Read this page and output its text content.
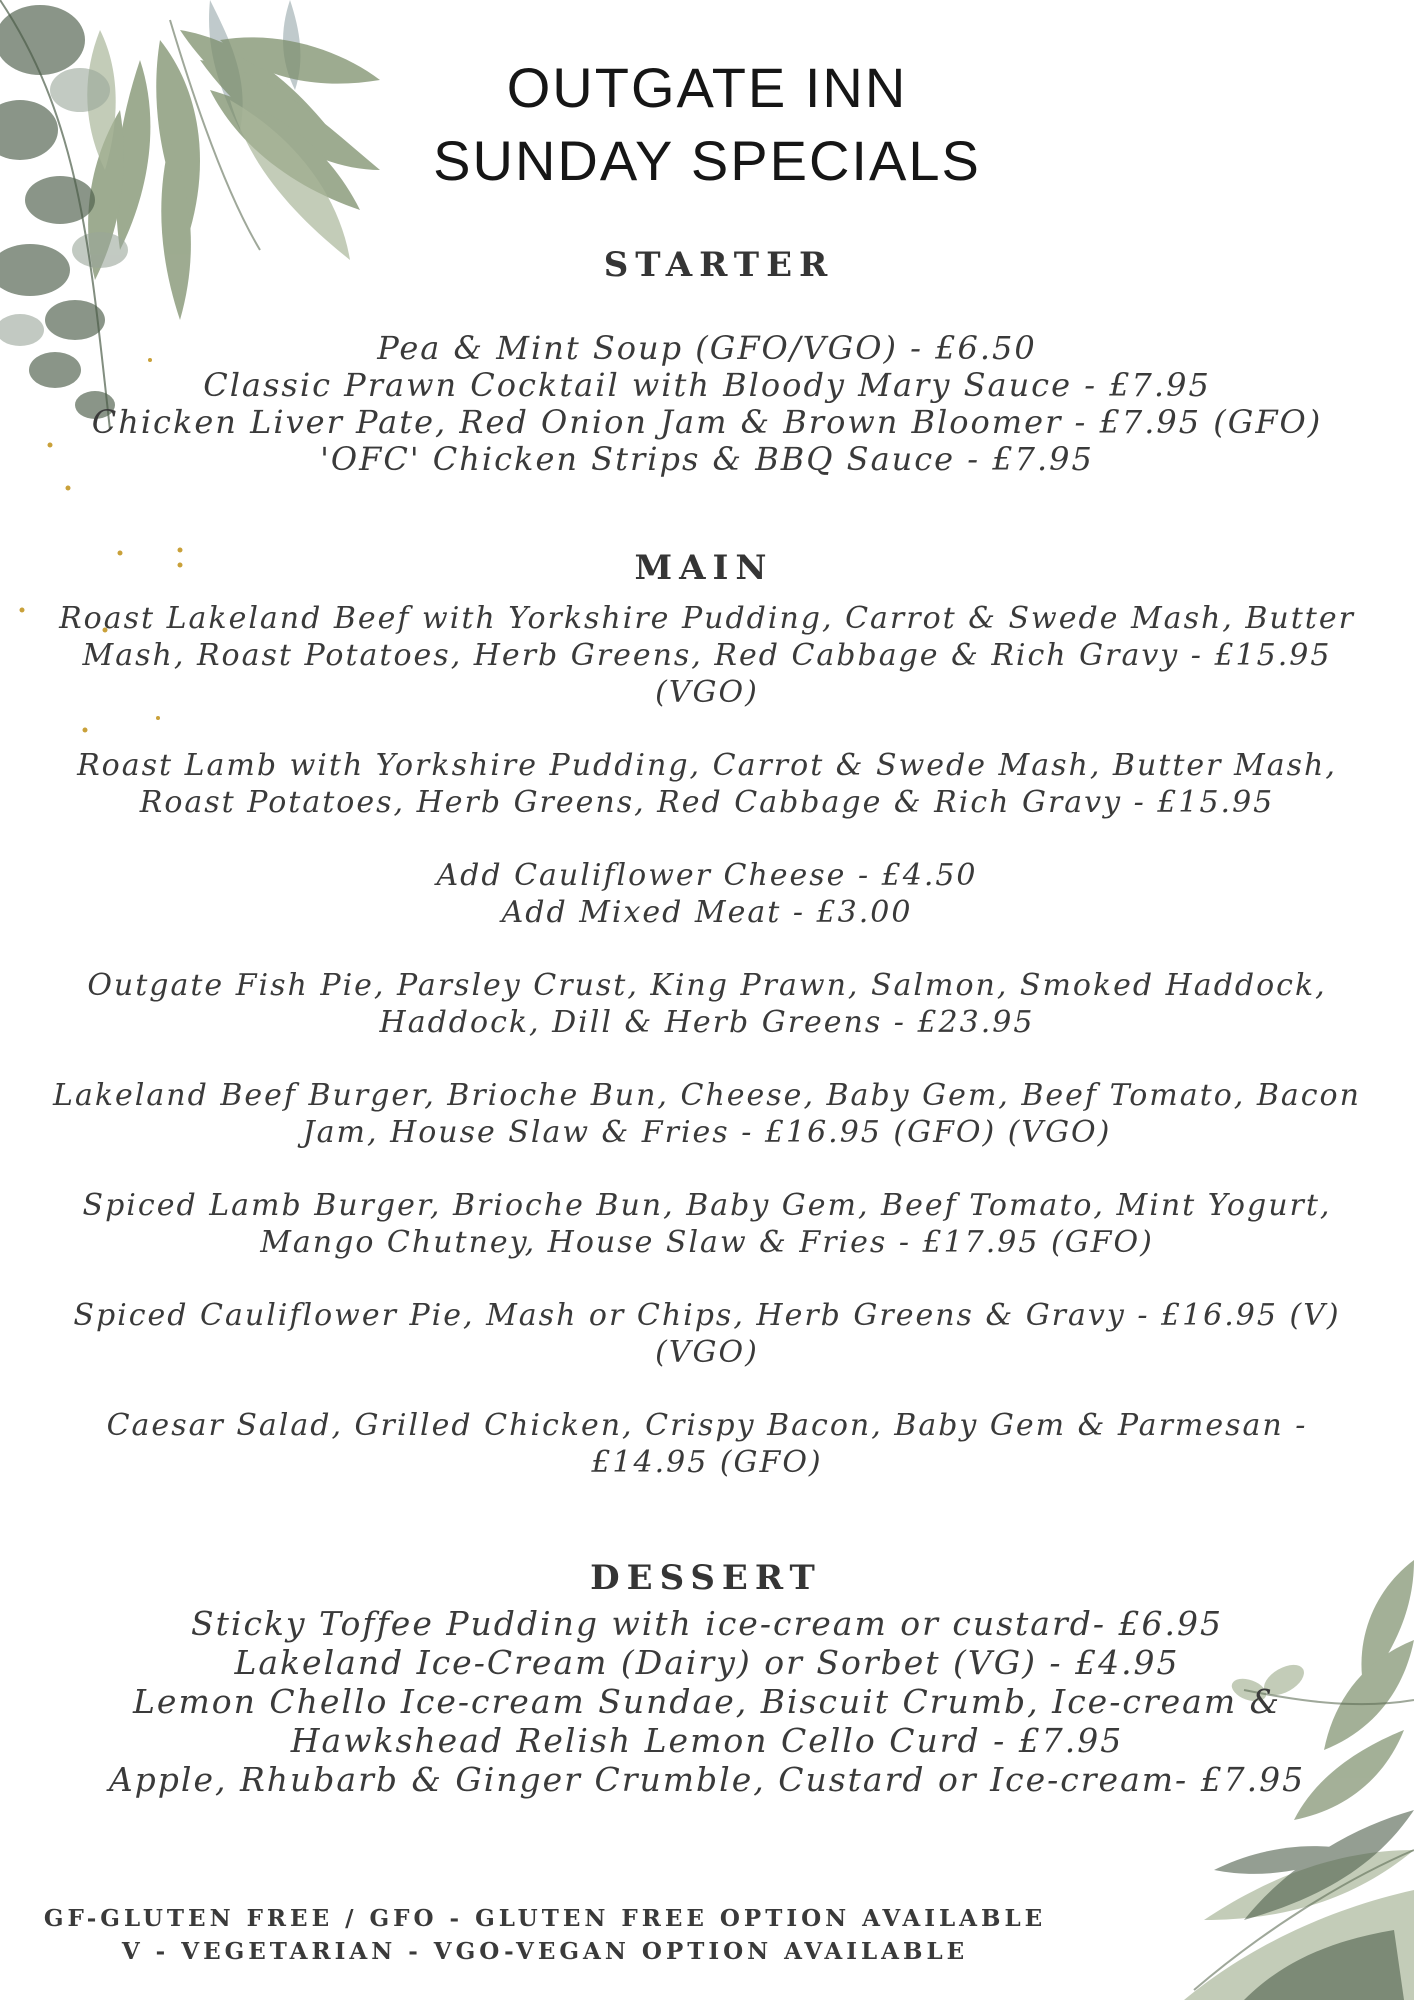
OUTGATE INN
SUNDAY SPECIALS
STARTER

Pea & Mint Soup (GFO/VGO) - £6.50

Classic Prawn Cocktail with Bloody Mary Sauce - £7.95

Chicken Liver Pate, Red Onion Jam & Brown Bloomer - £7.95 (GFO)

'OFC' Chicken Strips & BBQ Sauce - £7.95

MAIN

Roast Lakeland Beef with Yorkshire Pudding, Carrot & Swede Mash, Butter Mash, Roast Potatoes, Herb Greens, Red Cabbage & Rich Gravy - £15.95 (VGO)

Roast Lamb with Yorkshire Pudding, Carrot & Swede Mash, Butter Mash, Roast Potatoes, Herb Greens, Red Cabbage & Rich Gravy - £15.95

Add Cauliflower Cheese - £4.50

Add Mixed Meat - £3.00

Outgate Fish Pie, Parsley Crust, King Prawn, Salmon, Smoked Haddock, Haddock, Dill & Herb Greens - £23.95

Lakeland Beef Burger, Brioche Bun, Cheese, Baby Gem, Beef Tomato, Bacon Jam, House Slaw & Fries - £16.95 (GFO) (VGO)

Spiced Lamb Burger, Brioche Bun, Baby Gem, Beef Tomato, Mint Yogurt, Mango Chutney, House Slaw & Fries - £17.95 (GFO)

Spiced Cauliflower Pie, Mash or Chips, Herb Greens & Gravy - £16.95 (V) (VGO)

Caesar Salad, Grilled Chicken, Crispy Bacon, Baby Gem & Parmesan - £14.95 (GFO)

DESSERT

Sticky Toffee Pudding with ice-cream or custard- £6.95

Lakeland Ice-Cream (Dairy) or Sorbet (VG) - £4.95

Lemon Chello Ice-cream Sundae, Biscuit Crumb, Ice-cream & Hawkshead Relish Lemon Cello Curd - £7.95

Apple, Rhubarb & Ginger Crumble, Custard or Ice-cream- £7.95

GF-GLUTEN FREE / GFO - GLUTEN FREE OPTION AVAILABLE

V - VEGETARIAN - VGO-VEGAN OPTION AVAILABLE
